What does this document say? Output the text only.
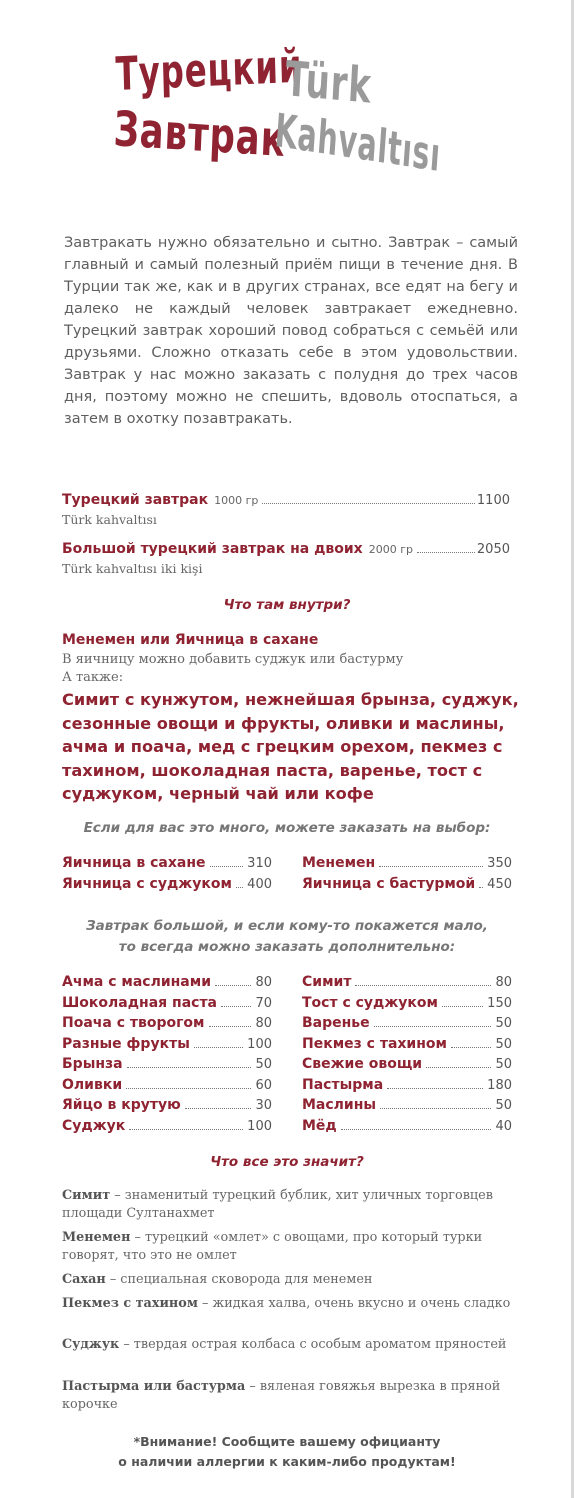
Турецкий
Завтрак
Türk
Kahvaltısı
Завтракать нужно обязательно и сытно. Завтрак – самый главный и самый полезный приём пищи в течение дня. В Турции так же, как и в других странах, все едят на бегу и далеко не каждый человек завтракает ежедневно. Турецкий завтрак хороший повод собраться с семьёй или друзьями. Сложно отказать себе в этом удовольствии. Завтрак у нас можно заказать с полудня до трех часов дня, поэтому можно не спешить, вдоволь отоспаться, а затем в охотку позавтракать.
Турецкий завтрак 1000 гр	1100
Türk kahvaltısı
Большой турецкий завтрак на двоих 2000 гр	2050
Türk kahvaltısı iki kişi
Что там внутри?
Менемен или Яичница в сахане
В яичницу можно добавить суджук или бастурму
А также:
Симит с кунжутом, нежнейшая брынза, суджук, сезонные овощи и фрукты, оливки и маслины, ачма и поача, мед с грецким орехом, пекмез с тахином, шоколадная паста, варенье, тост с суджуком, черный чай или кофе
Если для вас это много, можете заказать на выбор:
Яичница в сахане	310
Яичница с суджуком 400
Менемен	350
Яичница с бастурмой 450
Завтрак большой, и если кому-то покажется мало,
то всегда можно заказать дополнительно:
Ачма с маслинами	80
Шоколадная паста	70
Поача с творогом	80
Разные фрукты	100
Брынза	50
Оливки	60
Яйцо в крутую	30
Суджук	100
Симит	80
Тост с суджуком	150
Варенье	50
Пекмез с тахином	50
Свежие овощи	50
Пастырма	180
Маслины	50
Мёд	40
Что все это значит?
Симит – знаменитый турецкий бублик, хит уличных торговцев площади Султанахмет
Менемен – турецкий «омлет» с овощами, про который турки говорят, что это не омлет
Сахан – специальная сковорода для менемен
Пекмез с тахином – жидкая халва, очень вкусно и очень сладко
Суджук – твердая острая колбаса с особым ароматом пряностей
Пастырма или бастурма – вяленая говяжья вырезка в пряной корочке
*Внимание! Сообщите вашему официанту
о наличии аллергии к каким-либо продуктам!
